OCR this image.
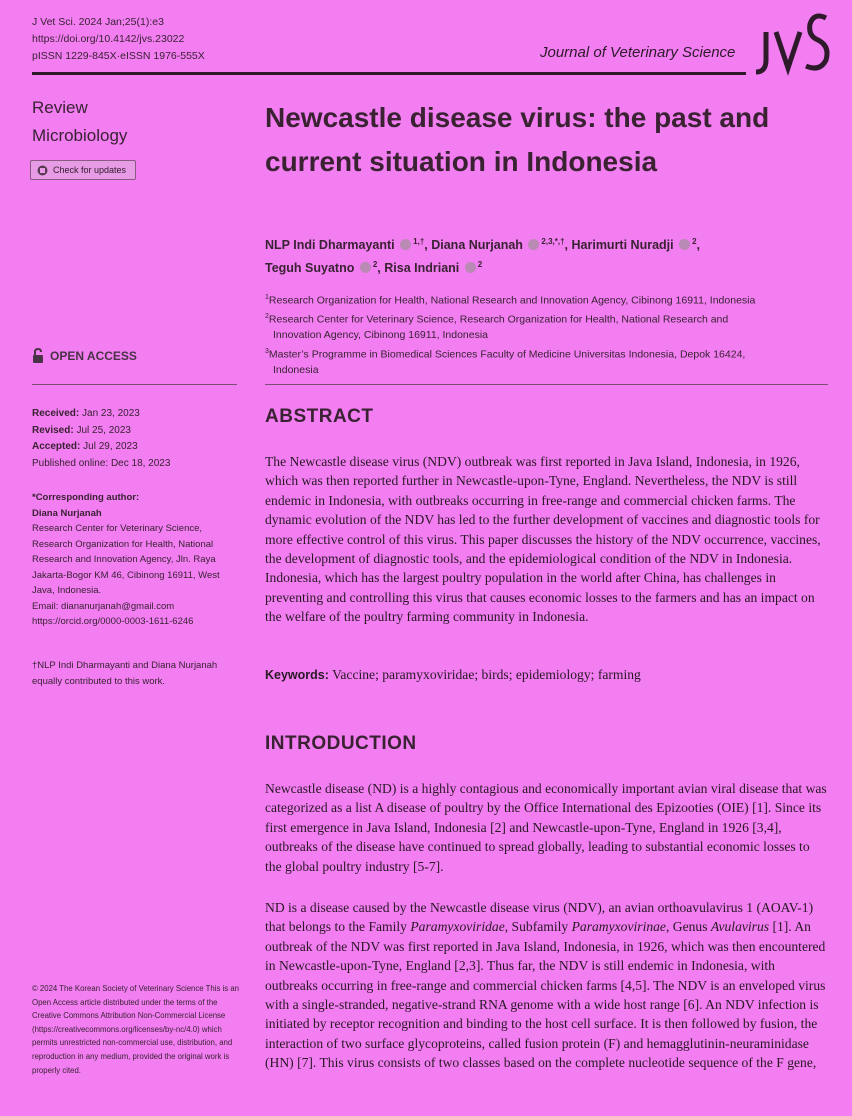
J Vet Sci. 2024 Jan;25(1):e3
https://doi.org/10.4142/jvs.23022
pISSN 1229-845X·eISSN 1976-555X	Journal of Veterinary Science
Review
Microbiology
Check for updates
OPEN ACCESS
Received: Jan 23, 2023
Revised: Jul 25, 2023
Accepted: Jul 29, 2023
Published online: Dec 18, 2023
*Corresponding author:
Diana Nurjanah
Research Center for Veterinary Science, Research Organization for Health, National Research and Innovation Agency, Jln. Raya Jakarta-Bogor KM 46, Cibinong 16911, West Java, Indonesia.
Email: diananurjanah@gmail.com
https://orcid.org/0000-0003-1611-6246
†NLP Indi Dharmayanti and Diana Nurjanah equally contributed to this work.
© 2024 The Korean Society of Veterinary Science This is an Open Access article distributed under the terms of the Creative Commons Attribution Non-Commercial License (https://creativecommons.org/licenses/by-nc/4.0) which permits unrestricted non-commercial use, distribution, and reproduction in any medium, provided the original work is properly cited.
Newcastle disease virus: the past and current situation in Indonesia
NLP Indi Dharmayanti $^{1,\dagger}$, Diana Nurjanah $^{2,3,*,\dagger}$, Harimurti Nuradji $^2$,
Teguh Suyatno $^2$, Risa Indriani $^2$
$^1$Research Organization for Health, National Research and Innovation Agency, Cibinong 16911, Indonesia
$^2$Research Center for Veterinary Science, Research Organization for Health, National Research and
Innovation Agency, Cibinong 16911, Indonesia
$^3$Master’s Programme in Biomedical Sciences Faculty of Medicine Universitas Indonesia, Depok 16424,
Indonesia
ABSTRACT
The Newcastle disease virus (NDV) outbreak was first reported in Java Island, Indonesia, in 1926, which was then reported further in Newcastle-upon-Tyne, England. Nevertheless, the NDV is still endemic in Indonesia, with outbreaks occurring in free-range and commercial chicken farms. The dynamic evolution of the NDV has led to the further development of vaccines and diagnostic tools for more effective control of this virus. This paper discusses the history of the NDV occurrence, vaccines, the development of diagnostic tools, and the epidemiological condition of the NDV in Indonesia. Indonesia, which has the largest poultry population in the world after China, has challenges in preventing and controlling this virus that causes economic losses to the farmers and has an impact on the welfare of the poultry farming community in Indonesia.
Keywords: Vaccine; paramyxoviridae; birds; epidemiology; farming
INTRODUCTION
Newcastle disease (ND) is a highly contagious and economically important avian viral disease that was categorized as a list A disease of poultry by the Office International des Epizooties (OIE) [1]. Since its first emergence in Java Island, Indonesia [2] and Newcastle-upon-Tyne, England in 1926 [3,4], outbreaks of the disease have continued to spread globally, leading to substantial economic losses to the global poultry industry [5-7].
ND is a disease caused by the Newcastle disease virus (NDV), an avian orthoavulavirus 1 (AOAV-1) that belongs to the Family Paramyxoviridae, Subfamily Paramyxovirinae, Genus Avulavirus [1]. An outbreak of the NDV was first reported in Java Island, Indonesia, in 1926, which was then encountered in Newcastle-upon-Tyne, England [2,3]. Thus far, the NDV is still endemic in Indonesia, with outbreaks occurring in free-range and commercial chicken farms [4,5]. The NDV is an enveloped virus with a single-stranded, negative-strand RNA genome with a wide host range [6]. An NDV infection is initiated by receptor recognition and binding to the host cell surface. It is then followed by fusion, the interaction of two surface glycoproteins, called fusion protein (F) and hemagglutinin-neuraminidase (HN) [7]. This virus consists of two classes based on the complete nucleotide sequence of the F gene,
